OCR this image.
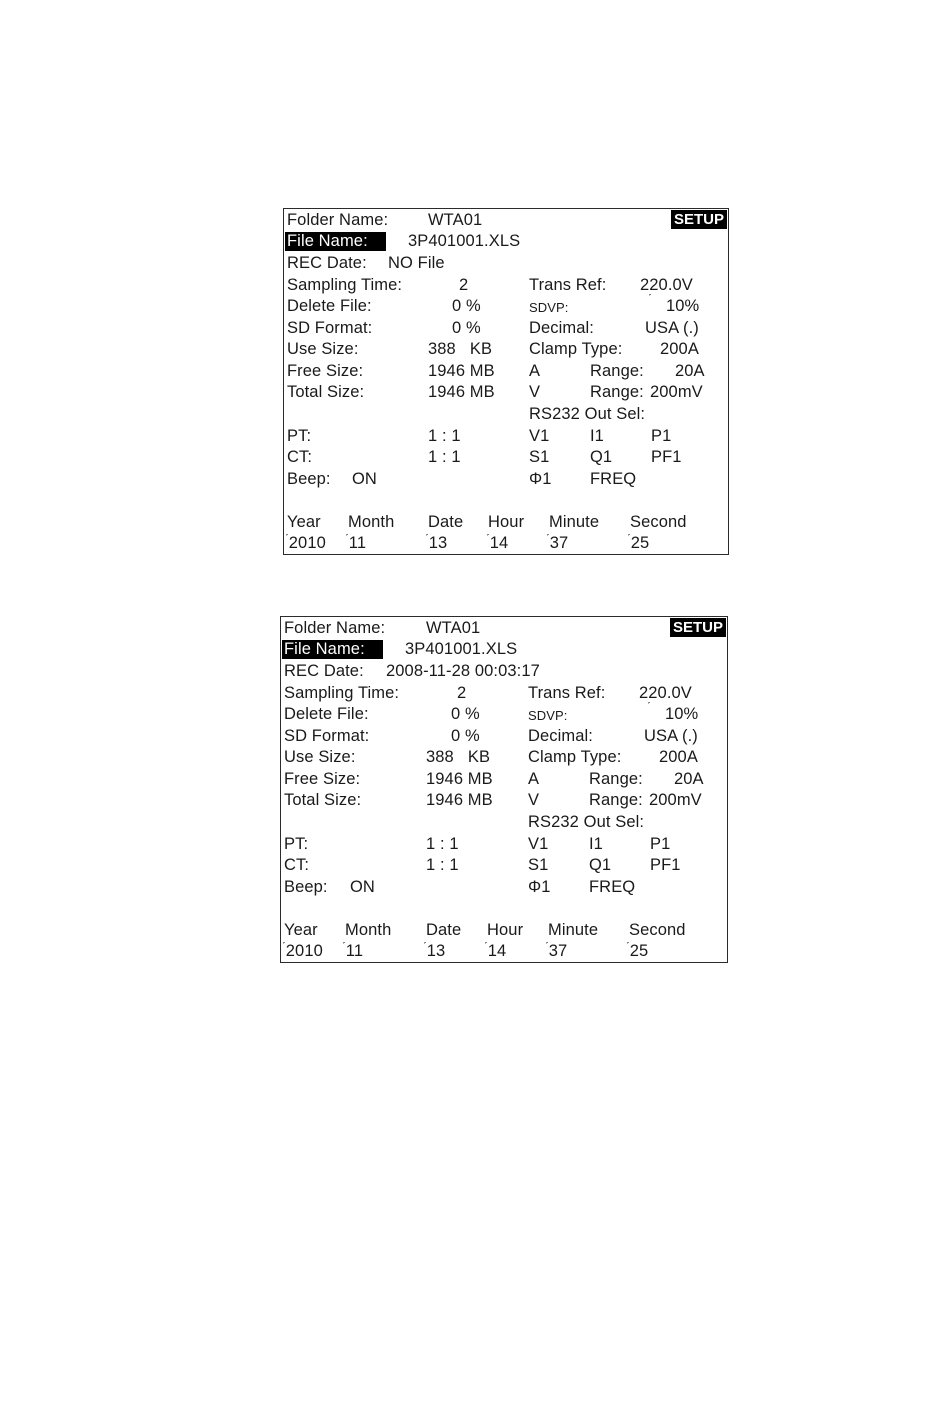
SETUP
Folder Name: WTA01
File Name:	3P401001.XLS
REC Date: NO File
Sampling Time:	2
Delete File:	0 %
SD Format:	0 %
Use Size:	388   KB
Free Size:	1946 MB
Total Size:	1946 MB
PT:	1 : 1
CT:	1 : 1
Beep: ON
Trans Ref: 220.0V
SDVP:
$^ˊ$ 10%
Decimal:	USA (.)
Clamp Type: 200A
A	Range: 20A
V	Range: 200mV
RS232 Out Sel:
V1 I1	P1
S1 Q1 PF1
Φ1 FREQ
Year Month Date Hour Minute Second
$^ˊ$2010 $^ˊ$11	$^ˊ$13	$^ˊ$14	$^ˊ$37	$^ˊ$25
SETUP
Folder Name: WTA01
File Name:	3P401001.XLS
REC Date: 2008-11-28 00:03:17
Sampling Time:	2
Delete File:	0 %
SD Format:	0 %
Use Size:	388   KB
Free Size:	1946 MB
Total Size:	1946 MB
PT:	1 : 1
CT:	1 : 1
Beep: ON
Trans Ref: 220.0V
SDVP:
$^ˊ$ 10%
Decimal:	USA (.)
Clamp Type: 200A
A	Range: 20A
V	Range: 200mV
RS232 Out Sel:
V1 I1	P1
S1 Q1 PF1
Φ1 FREQ
Year Month Date Hour Minute Second
$^ˊ$2010 $^ˊ$11	$^ˊ$13	$^ˊ$14	$^ˊ$37	$^ˊ$25
